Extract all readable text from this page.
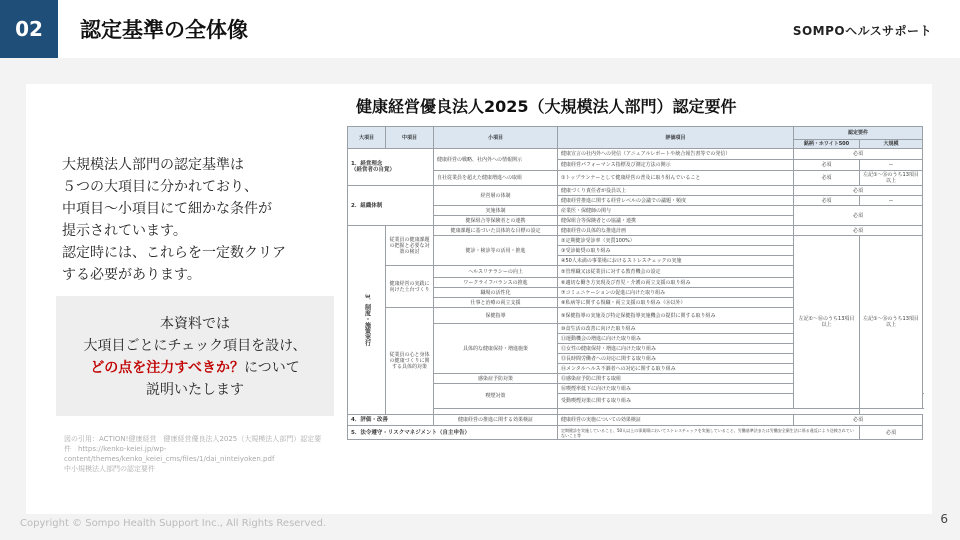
02	認定基準の全体像	SOMPOヘルスサポート
大規模法人部門の認定基準は
５つの大項目に分かれており、
中項目〜小項目にて細かな条件が
提示されています。
認定時には、これらを一定数クリア
する必要があります。
本資料では
大項目ごとにチェック項目を設け、
どの点を注力すべきか？について
説明いたします
図の引用：ACTION!健康経営　健康経営優良法人2025（大規模法人部門）認定要件　https://kenko-keiei.jp/wp-content/themes/kenko_keiei_cms/files/1/dai_ninteiyoken.pdf
中小規模法人部門の認定要件
健康経営優良法人2025（大規模法人部門）認定要件
大項目	中項目	小項目	評価項目	認定要件		
				銘柄・ホワイト500	大規模	
1．経営理念
（経営者の自覚）		健康経営の戦略、社内外への情報開示	健康宣言の社内外への発信（アニュアルレポートや統合報告書等での発信）	必須		
			健康経営パフォーマンス指標及び測定方法の開示	必須	ー	
		自社従業員を超えた健康増進への取組	①トップランナーとして健康経営の普及に取り組んでいること	必須	左記①〜⑯のうち13項目以上	
2．組織体制		経営層の体制	健康づくり責任者が役員以上	必須		
			健康経営推進に関する経営レベルの会議での議題・頻度	必須	ー	
		実施体制	産業医・保健師の関与	必須		
		健保組合等保険者との連携	健保組合等保険者との協議・連携			
3．制度・施策実行	従業員の健康課題の把握と必要な対策の検討	健康課題に基づいた具体的な目標の設定	健康経営の具体的な推進計画	必須		
		健診・検診等の活用・推進	②定期健診受診率（実質100%）	左記①〜⑯のうち13項目以上	左記①〜⑯のうち13項目以上	
			③受診勧奨の取り組み			
			④50人未満の事業場におけるストレスチェックの実施			
	健康経営の実践に向けた土台づくり	ヘルスリテラシーの向上	⑤管理職又は従業員に対する教育機会の設定			
		ワークライフバランスの推進	⑥適切な働き方実現及び育児・介護の両立支援の取り組み			
		職場の活性化	⑦コミュニケーションの促進に向けた取り組み			
		仕事と治療の両立支援	⑧私病等に関する復職・両立支援の取り組み（⑭以外）			
	従業員の心と身体の健康づくりに関する具体的対策	保健指導	⑨保健指導の実施及び特定保健指導実施機会の提供に関する取り組み			
		具体的な健康保持・増進施策	⑩食生活の改善に向けた取り組み			
			⑪運動機会の増進に向けた取り組み			
			⑫女性の健康保持・増進に向けた取り組み			
			⑬長時間労働者への対応に関する取り組み			
			⑭メンタルヘルス不調者への対応に関する取り組み			
		感染症予防対策	⑮感染症予防に関する取組			
		喫煙対策	⑯喫煙率低下に向けた取り組み			
			受動喫煙対策に関する取り組み	

4．評価・改善		健康経営の推進に関する効果検証	健康経営の実施についての効果検証	必須		
5．法令遵守・リスクマネジメント（自主申告）			定期健診を実施していること、50人以上の事業場においてストレスチェックを実施していること、労働基準法または労働安全衛生法に係る違反により送検されていないこと等		必須	
Copyright © Sompo Health Support Inc., All Rights Reserved.	6
